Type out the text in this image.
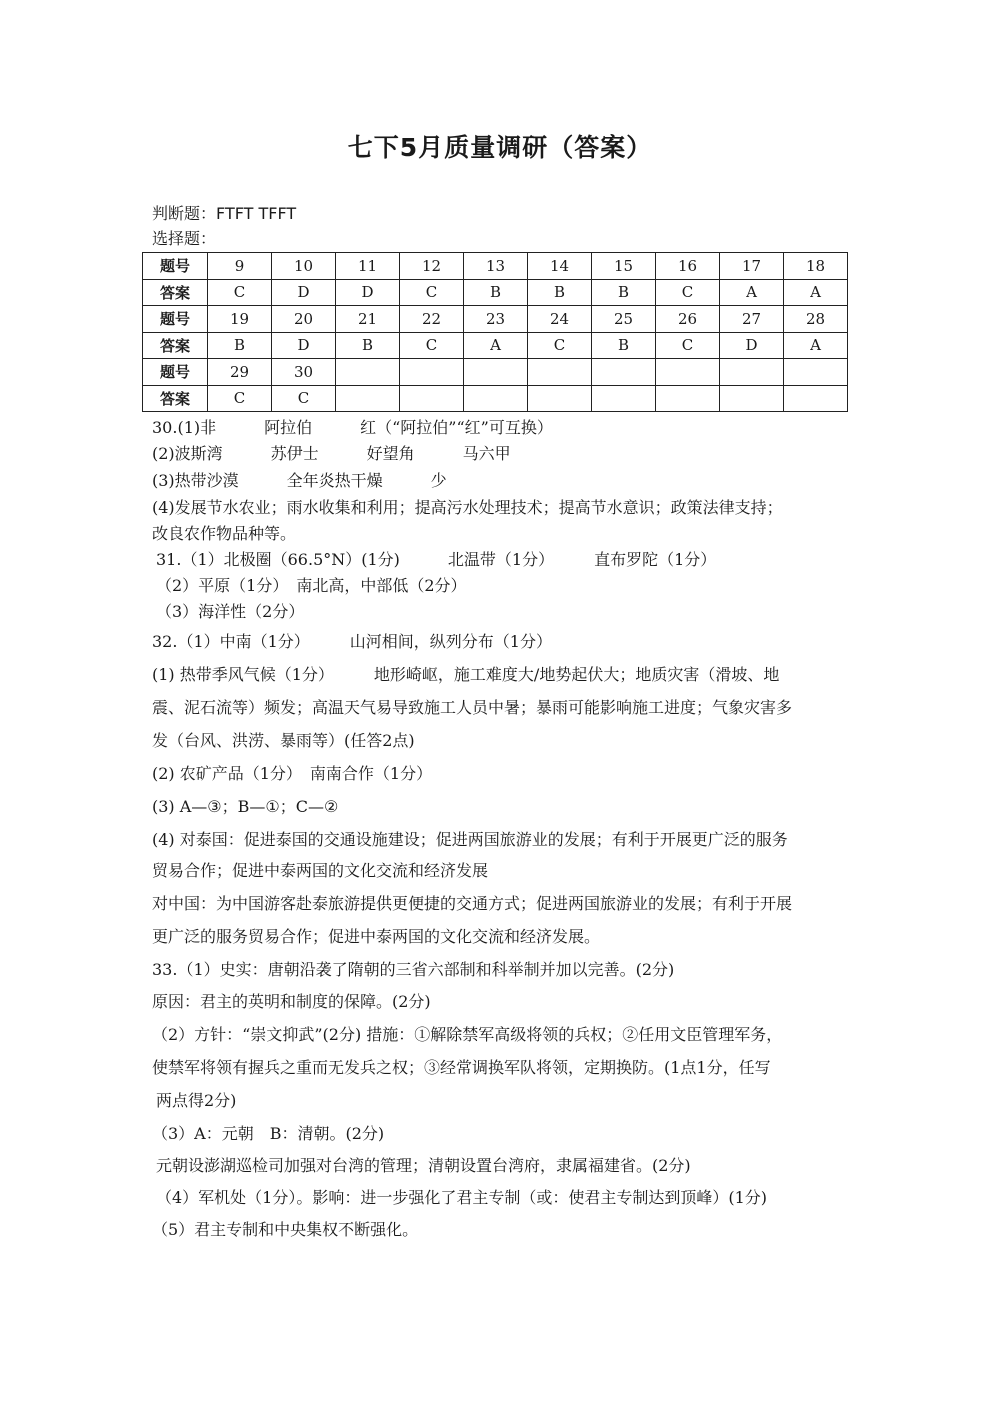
七下5月质量调研（答案）
判断题：FTFT TFFT
选择题：
题号	9	10	11	12	13	14	15	16	17	18
答案	C	D	D	C	B	B	B	C	A	A
题号	19	20	21	22	23	24	25	26	27	28
答案	B	D	B	C	A	C	B	C	D	A
题号	29	30								
答案	C	C								
30.(1)非　　　阿拉伯　　　红（“阿拉伯”“红”可互换）
(2)波斯湾　　　苏伊士　　　好望角　　　马六甲
(3)热带沙漠　　　全年炎热干燥　　　少
(4)发展节水农业；雨水收集和利用；提高污水处理技术；提高节水意识；政策法律支持；
改良农作物品种等。
31.（1）北极圈（66.5°N）(1分)　　　北温带（1分）　　　直布罗陀（1分）
（2）平原（1分）　南北高，中部低（2分）
（3）海洋性（2分）
32.（1）中南（1分）　　　山河相间，纵列分布（1分）
(1) 热带季风气候（1分）　　　地形崎岖，施工难度大/地势起伏大；地质灾害（滑坡、地
震、泥石流等）频发；高温天气易导致施工人员中暑；暴雨可能影响施工进度；气象灾害多
发（台风、洪涝、暴雨等）(任答2点)
(2) 农矿产品（1分）　南南合作（1分）
(3) A—③；B—①；C—②
(4) 对泰国：促进泰国的交通设施建设；促进两国旅游业的发展；有利于开展更广泛的服务
贸易合作；促进中泰两国的文化交流和经济发展
对中国：为中国游客赴泰旅游提供更便捷的交通方式；促进两国旅游业的发展；有利于开展
更广泛的服务贸易合作；促进中泰两国的文化交流和经济发展。
33.（1）史实：唐朝沿袭了隋朝的三省六部制和科举制并加以完善。(2分)
原因：君主的英明和制度的保障。(2分)
（2）方针：“崇文抑武”(2分) 措施：①解除禁军高级将领的兵权；②任用文臣管理军务，
使禁军将领有握兵之重而无发兵之权；③经常调换军队将领，定期换防。(1点1分，任写
两点得2分)
（3）A：元朝　B：清朝。(2分)
元朝设澎湖巡检司加强对台湾的管理；清朝设置台湾府，隶属福建省。(2分)
（4）军机处（1分）。影响：进一步强化了君主专制（或：使君主专制达到顶峰）(1分)
（5）君主专制和中央集权不断强化。
